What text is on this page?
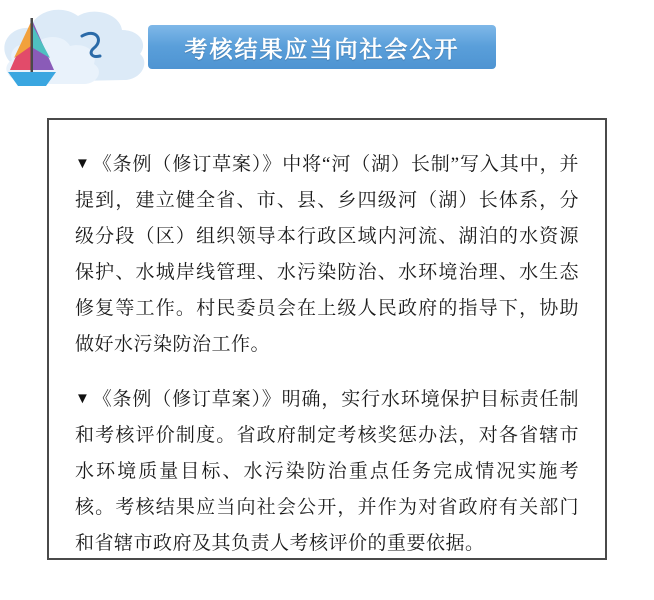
考核结果应当向社会公开

▼ 《条例（修订草案）》中将“河（湖）长制”写入其中，并提到，建立健全省、市、县、乡四级河（湖）长体系，分级分段（区）组织领导本行政区域内河流、湖泊的水资源保护、水城岸线管理、水污染防治、水环境治理、水生态修复等工作。村民委员会在上级人民政府的指导下，协助做好水污染防治工作。

▼ 《条例（修订草案）》明确，实行水环境保护目标责任制和考核评价制度。省政府制定考核奖惩办法，对各省辖市水环境质量目标、水污染防治重点任务完成情况实施考核。考核结果应当向社会公开，并作为对省政府有关部门和省辖市政府及其负责人考核评价的重要依据。
